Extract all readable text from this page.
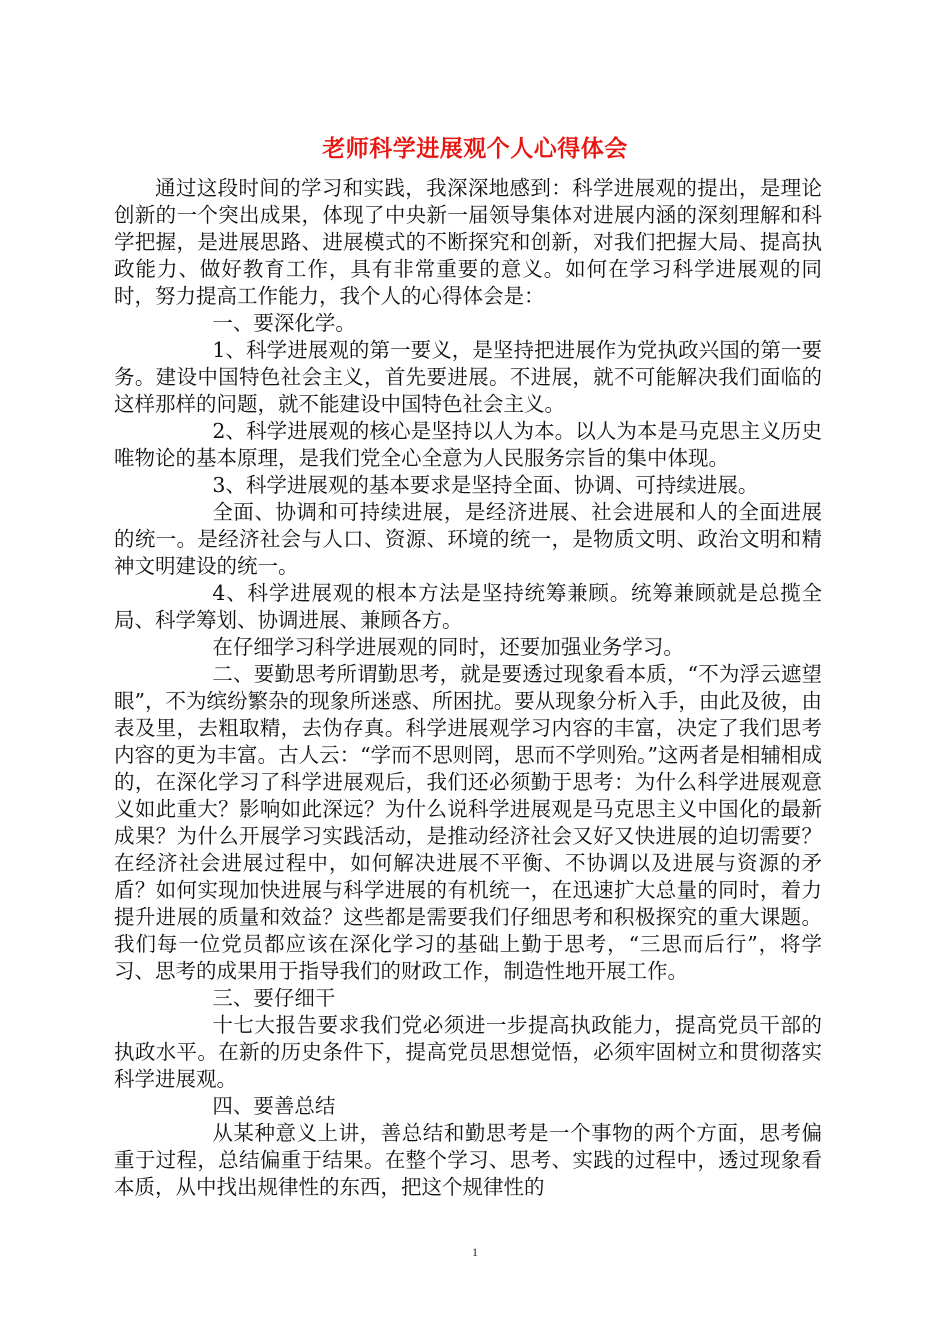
老师科学进展观个人心得体会

通过这段时间的学习和实践，我深深地感到：科学进展观的提出，是理论创新的一个突出成果，体现了中央新一届领导集体对进展内涵的深刻理解和科学把握，是进展思路、进展模式的不断探究和创新，对我们把握大局、提高执政能力、做好教育工作，具有非常重要的意义。如何在学习科学进展观的同时，努力提高工作能力，我个人的心得体会是：

一、要深化学。

1、科学进展观的第一要义，是坚持把进展作为党执政兴国的第一要务。建设中国特色社会主义，首先要进展。不进展，就不可能解决我们面临的这样那样的问题，就不能建设中国特色社会主义。

2、科学进展观的核心是坚持以人为本。以人为本是马克思主义历史唯物论的基本原理，是我们党全心全意为人民服务宗旨的集中体现。

3、科学进展观的基本要求是坚持全面、协调、可持续进展。

全面、协调和可持续进展，是经济进展、社会进展和人的全面进展的统一。是经济社会与人口、资源、环境的统一，是物质文明、政治文明和精神文明建设的统一。

4、科学进展观的根本方法是坚持统筹兼顾。统筹兼顾就是总揽全局、科学筹划、协调进展、兼顾各方。

在仔细学习科学进展观的同时，还要加强业务学习。

二、要勤思考所谓勤思考，就是要透过现象看本质，“不为浮云遮望眼”，不为缤纷繁杂的现象所迷惑、所困扰。要从现象分析入手，由此及彼，由表及里，去粗取精，去伪存真。科学进展观学习内容的丰富，决定了我们思考内容的更为丰富。古人云：“学而不思则罔，思而不学则殆。”这两者是相辅相成的，在深化学习了科学进展观后，我们还必须勤于思考：为什么科学进展观意义如此重大？影响如此深远？为什么说科学进展观是马克思主义中国化的最新成果？为什么开展学习实践活动，是推动经济社会又好又快进展的迫切需要？在经济社会进展过程中，如何解决进展不平衡、不协调以及进展与资源的矛盾？如何实现加快进展与科学进展的有机统一，在迅速扩大总量的同时，着力提升进展的质量和效益？这些都是需要我们仔细思考和积极探究的重大课题。我们每一位党员都应该在深化学习的基础上勤于思考，“三思而后行”，将学习、思考的成果用于指导我们的财政工作，制造性地开展工作。

三、要仔细干

十七大报告要求我们党必须进一步提高执政能力，提高党员干部的执政水平。在新的历史条件下，提高党员思想觉悟，必须牢固树立和贯彻落实科学进展观。

四、要善总结

从某种意义上讲，善总结和勤思考是一个事物的两个方面，思考偏重于过程，总结偏重于结果。在整个学习、思考、实践的过程中，透过现象看本质，从中找出规律性的东西，把这个规律性的

1
